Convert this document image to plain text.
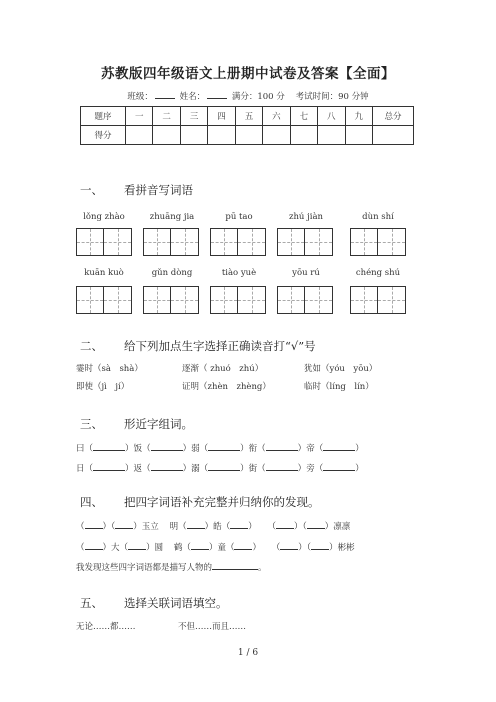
苏教版四年级语文上册期中试卷及答案【全面】
班级：	姓名：	满分：100 分 考试时间：90 分钟
题序	一	二	三	四	五	六	七	八	九	总分
得分										
一、 看拼音写词语
lǒng zhào	zhuāng jia	pū tao	zhú jiàn	dùn shí
kuān kuò	gǔn dòng	tiào yuè	yōu rú	chéng shú
二、 给下列加点生字选择正确读音打“√”号
霎时（sà　shà）	逐渐（ zhuó　zhú）	犹如（yóu　yōu）
即使（jì　jí）	证明（zhèn　zhèng）	临时（líng　lín）
三、 形近字组词。
曰（	）饭（	）弱（	）衔（	）帝（	）
日（	）返（	）溺（	）街（	）旁（	）
四、 把四字词语补充完整并归纳你的发现。
（ ）（ ）玉立 明（ ）皓（ ）    （ ）（ ）凛凛
（ ）大（ ）圆 鹤（ ）童（ ）    （ ）（ ）彬彬
我发现这些四字词语都是描写人物的	。
五、 选择关联词语填空。
无论……都……	不但……而且……
1 / 6
